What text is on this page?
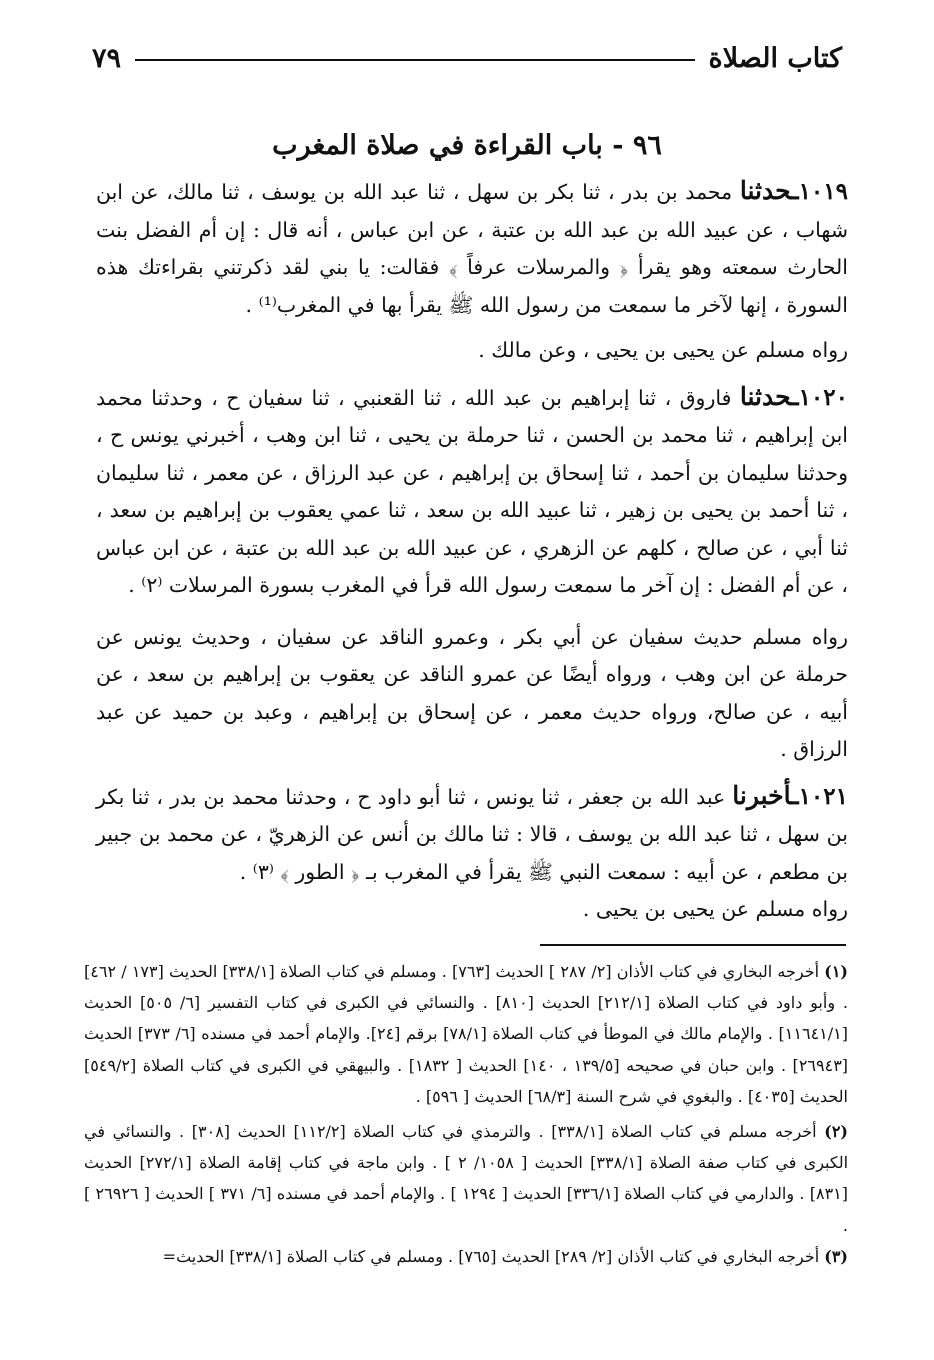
كتاب الصلاة
٧٩
٩٦ - باب القراءة في صلاة المغرب

١٠١٩ـحدثنا محمد بن بدر ، ثنا بكر بن سهل ، ثنا عبد الله بن يوسف ، ثنا مالك، عن ابن شهاب ، عن عبيد الله بن عبد الله بن عتبة ، عن ابن عباس ، أنه قال : إن أم الفضل بنت الحارث سمعته وهو يقرأ ﴿ والمرسلات عرفاً ﴾ فقالت: يا بني لقد ذكرتني بقراءتك هذه السورة ، إنها لآخر ما سمعت من رسول الله ﷺ يقرأ بها في المغرب⁽¹⁾ .

رواه مسلم عن يحيى بن يحيى ، وعن مالك .

١٠٢٠ـحدثنا فاروق ، ثنا إبراهيم بن عبد الله ، ثنا القعنبي ، ثنا سفيان ح ، وحدثنا محمد ابن إبراهيم ، ثنا محمد بن الحسن ، ثنا حرملة بن يحيى ، ثنا ابن وهب ، أخبرني يونس ح ، وحدثنا سليمان بن أحمد ، ثنا إسحاق بن إبراهيم ، عن عبد الرزاق ، عن معمر ، ثنا سليمان ، ثنا أحمد بن يحيى بن زهير ، ثنا عبيد الله بن سعد ، ثنا عمي يعقوب بن إبراهيم بن سعد ، ثنا أبي ، عن صالح ، كلهم عن الزهري ، عن عبيد الله بن عبد الله بن عتبة ، عن ابن عباس ، عن أم الفضل : إن آخر ما سمعت رسول الله قرأ في المغرب بسورة المرسلات ⁽٢⁾ .

رواه مسلم حديث سفيان عن أبي بكر ، وعمرو الناقد عن سفيان ، وحديث يونس عن حرملة عن ابن وهب ، ورواه أيضًا عن عمرو الناقد عن يعقوب بن إبراهيم بن سعد ، عن أبيه ، عن صالح، ورواه حديث معمر ، عن إسحاق بن إبراهيم ، وعبد بن حميد عن عبد الرزاق .

١٠٢١ـأخبرنا عبد الله بن جعفر ، ثنا يونس ، ثنا أبو داود ح ، وحدثنا محمد بن بدر ، ثنا بكر بن سهل ، ثنا عبد الله بن يوسف ، قالا : ثنا مالك بن أنس عن الزهريّ ، عن محمد بن جبير بن مطعم ، عن أبيه : سمعت النبي ﷺ يقرأ في المغرب بـ ﴿ الطور ﴾ ⁽٣⁾ .

رواه مسلم عن يحيى بن يحيى .

(١) أخرجه البخاري في كتاب الأذان [٢/ ٢٨٧ ] الحديث [٧٦٣] . ومسلم في كتاب الصلاة [٣٣٨/١] الحديث [١٧٣ / ٤٦٢] . وأبو داود في كتاب الصلاة [٢١٢/١] الحديث [٨١٠] . والنسائي في الكبرى في كتاب التفسير [٦/ ٥٠٥] الحديث [١١٦٤١/١] . والإمام مالك في الموطأ في كتاب الصلاة [٧٨/١] برقم [٢٤]. والإمام أحمد في مسنده [٦/ ٣٧٣] الحديث [٢٦٩٤٣] . وابن حبان في صحيحه [١٣٩/٥ ، ١٤٠] الحديث [ ١٨٣٢] . والبيهقي في الكبرى في كتاب الصلاة [٥٤٩/٢] الحديث [٤٠٣٥] . والبغوي في شرح السنة [٦٨/٣] الحديث [ ٥٩٦] .

(٢) أخرجه مسلم في كتاب الصلاة [٣٣٨/١] . والترمذي في كتاب الصلاة [١١٢/٢] الحديث [٣٠٨] . والنسائي في الكبرى في كتاب صفة الصلاة [٣٣٨/١] الحديث [ ١٠٥٨/ ٢ ] . وابن ماجة في كتاب إقامة الصلاة [٢٧٢/١] الحديث [٨٣١] . والدارمي في كتاب الصلاة [٣٣٦/١] الحديث [ ١٢٩٤ ] . والإمام أحمد في مسنده [٦/ ٣٧١ ] الحديث [ ٢٦٩٢٦ ] .

(٣) أخرجه البخاري في كتاب الأذان [٢/ ٢٨٩] الحديث [٧٦٥] . ومسلم في كتاب الصلاة [٣٣٨/١] الحديث=
